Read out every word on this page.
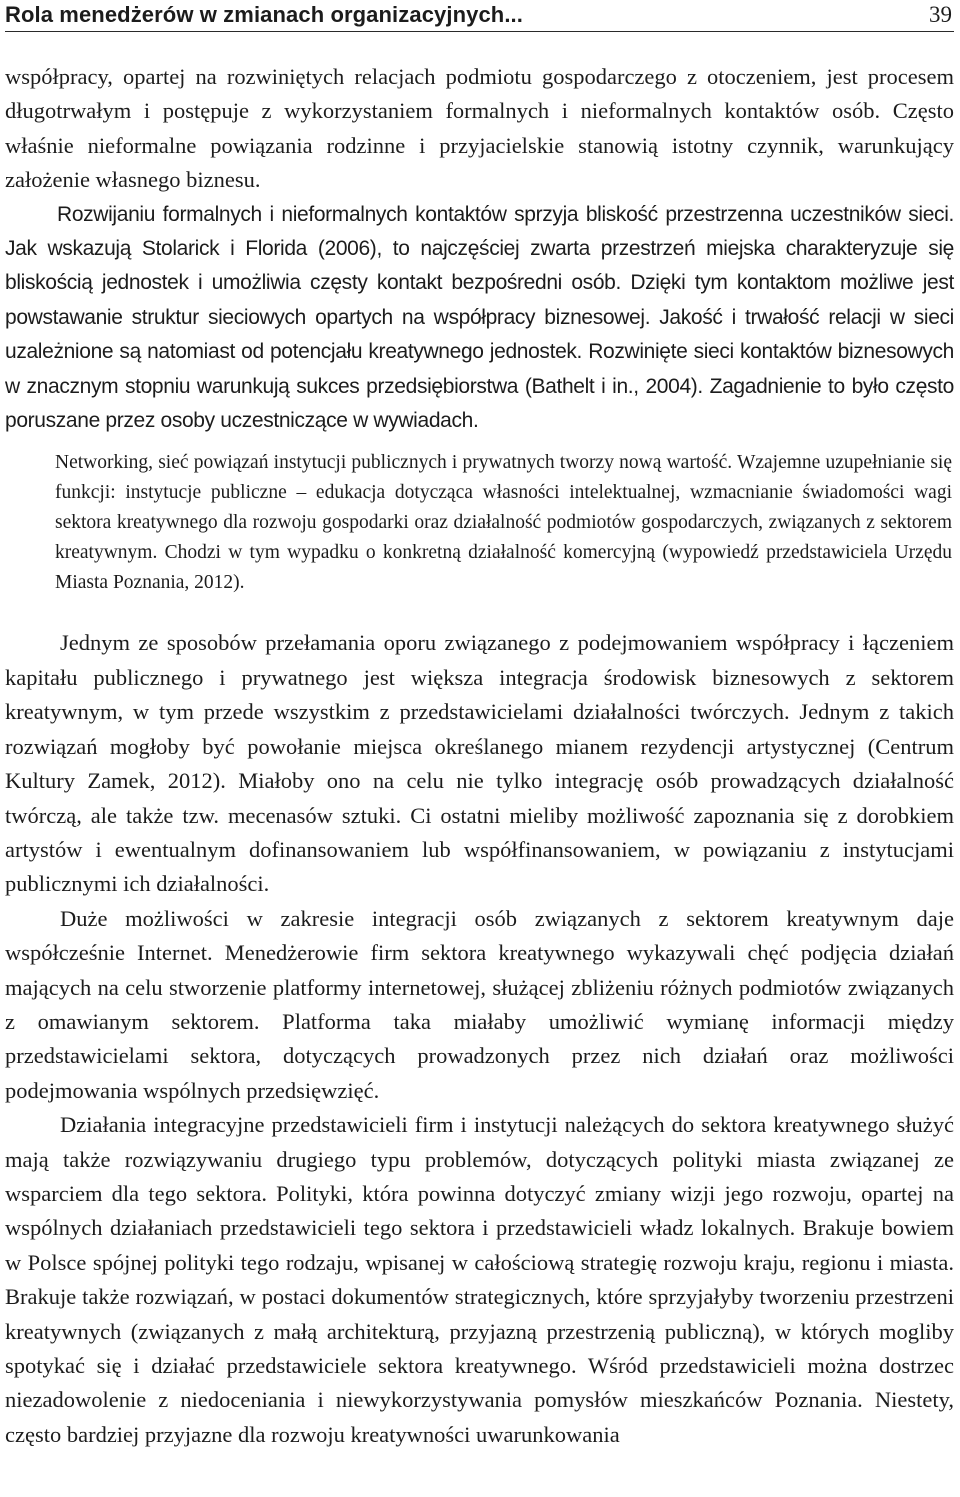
Rola menedżerów w zmianach organizacyjnych...	39

współpracy, opartej na rozwiniętych relacjach podmiotu gospodarczego z otoczeniem, jest procesem długotrwałym i postępuje z wykorzystaniem formalnych i nieformalnych kontaktów osób. Często właśnie nieformalne powiązania rodzinne i przyjacielskie stanowią istotny czynnik, warunkujący założenie własnego biznesu.

Rozwijaniu formalnych i nieformalnych kontaktów sprzyja bliskość przestrzenna uczestników sieci. Jak wskazują Stolarick i Florida (2006), to najczęściej zwarta przestrzeń miejska charakteryzuje się bliskością jednostek i umożliwia częsty kontakt bezpośredni osób. Dzięki tym kontaktom możliwe jest powstawanie struktur sieciowych opartych na współpracy biznesowej. Jakość i trwałość relacji w sieci uzależnione są natomiast od potencjału kreatywnego jednostek. Rozwinięte sieci kontaktów biznesowych w znacznym stopniu warunkują sukces przedsiębiorstwa (Bathelt i in., 2004). Zagadnienie to było często poruszane przez osoby uczestniczące w wywiadach.

Networking, sieć powiązań instytucji publicznych i prywatnych tworzy nową wartość. Wzajemne uzupełnianie się funkcji: instytucje publiczne – edukacja dotycząca własności intelektualnej, wzmacnianie świadomości wagi sektora kreatywnego dla rozwoju gospodarki oraz działalność podmiotów gospodarczych, związanych z sektorem kreatywnym. Chodzi w tym wypadku o konkretną działalność komercyjną (wypowiedź przedstawiciela Urzędu Miasta Poznania, 2012).

Jednym ze sposobów przełamania oporu związanego z podejmowaniem współpracy i łączeniem kapitału publicznego i prywatnego jest większa integracja środowisk biznesowych z sektorem kreatywnym, w tym przede wszystkim z przedstawicielami działalności twórczych. Jednym z takich rozwiązań mogłoby być powołanie miejsca określanego mianem rezydencji artystycznej (Centrum Kultury Zamek, 2012). Miałoby ono na celu nie tylko integrację osób prowadzących działalność twórczą, ale także tzw. mecenasów sztuki. Ci ostatni mieliby możliwość zapoznania się z dorobkiem artystów i ewentualnym dofinansowaniem lub współfinansowaniem, w powiązaniu z instytucjami publicznymi ich działalności.

Duże możliwości w zakresie integracji osób związanych z sektorem kreatywnym daje współcześnie Internet. Menedżerowie firm sektora kreatywnego wykazywali chęć podjęcia działań mających na celu stworzenie platformy internetowej, służącej zbliżeniu różnych podmiotów związanych z omawianym sektorem. Platforma taka miałaby umożliwić wymianę informacji między przedstawicielami sektora, dotyczących prowadzonych przez nich działań oraz możliwości podejmowania wspólnych przedsięwzięć.

Działania integracyjne przedstawicieli firm i instytucji należących do sektora kreatywnego służyć mają także rozwiązywaniu drugiego typu problemów, dotyczących polityki miasta związanej ze wsparciem dla tego sektora. Polityki, która powinna dotyczyć zmiany wizji jego rozwoju, opartej na wspólnych działaniach przedstawicieli tego sektora i przedstawicieli władz lokalnych. Brakuje bowiem w Polsce spójnej polityki tego rodzaju, wpisanej w całościową strategię rozwoju kraju, regionu i miasta. Brakuje także rozwiązań, w postaci dokumentów strategicznych, które sprzyjałyby tworzeniu przestrzeni kreatywnych (związanych z małą architekturą, przyjazną przestrzenią publiczną), w których mogliby spotykać się i działać przedstawiciele sektora kreatywnego. Wśród przedstawicieli można dostrzec niezadowolenie z niedoceniania i niewykorzystywania pomysłów mieszkańców Poznania. Niestety, często bardziej przyjazne dla rozwoju kreatywności uwarunkowania
